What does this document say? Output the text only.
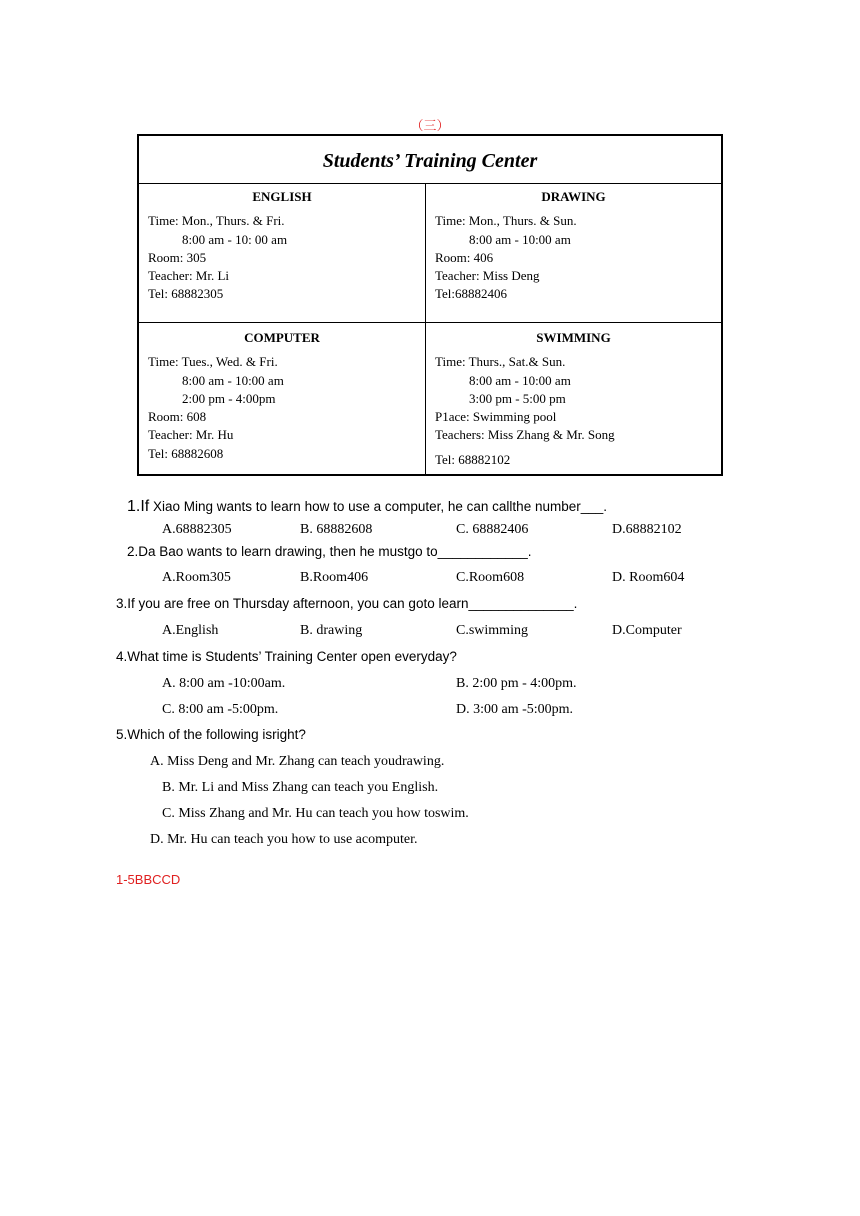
（三）
Students’ Training Center
ENGLISH
Time: Mon., Thurs. & Fri.
8:00 am - 10: 00 am
Room: 305
Teacher: Mr. Li
Tel: 68882305
DRAWING
Time: Mon., Thurs. & Sun.
8:00 am - 10:00 am
Room: 406
Teacher: Miss Deng
Tel:68882406
COMPUTER
Time: Tues., Wed. & Fri.
8:00 am - 10:00 am
2:00 pm - 4:00pm
Room: 608
Teacher: Mr. Hu
Tel: 68882608
SWIMMING
Time: Thurs., Sat.& Sun.
8:00 am - 10:00 am
3:00 pm - 5:00 pm
P1ace: Swimming pool
Teachers: Miss Zhang & Mr. Song
Tel: 68882102
1.If Xiao Ming wants to learn how to use a computer, he can callthe number___.
A.68882305	B. 68882608	C. 68882406	D.68882102
2.Da Bao wants to learn drawing, then he mustgo to____________.
A.Room305	B.Room406	C.Room608	D. Room604
3.If you are free on Thursday afternoon, you can goto learn______________.
A.English	B. drawing	C.swimming	D.Computer
4.What time is Students’ Training Center open everyday?
A. 8:00 am -10:00am.	B. 2:00 pm - 4:00pm.
C. 8:00 am -5:00pm.	D. 3:00 am -5:00pm.
5.Which of the following isright?
A. Miss Deng and Mr. Zhang can teach youdrawing.
B. Mr. Li and Miss Zhang can teach you English.
C. Miss Zhang and Mr. Hu can teach you how toswim.
D. Mr. Hu can teach you how to use acomputer.
1-5BBCCD
